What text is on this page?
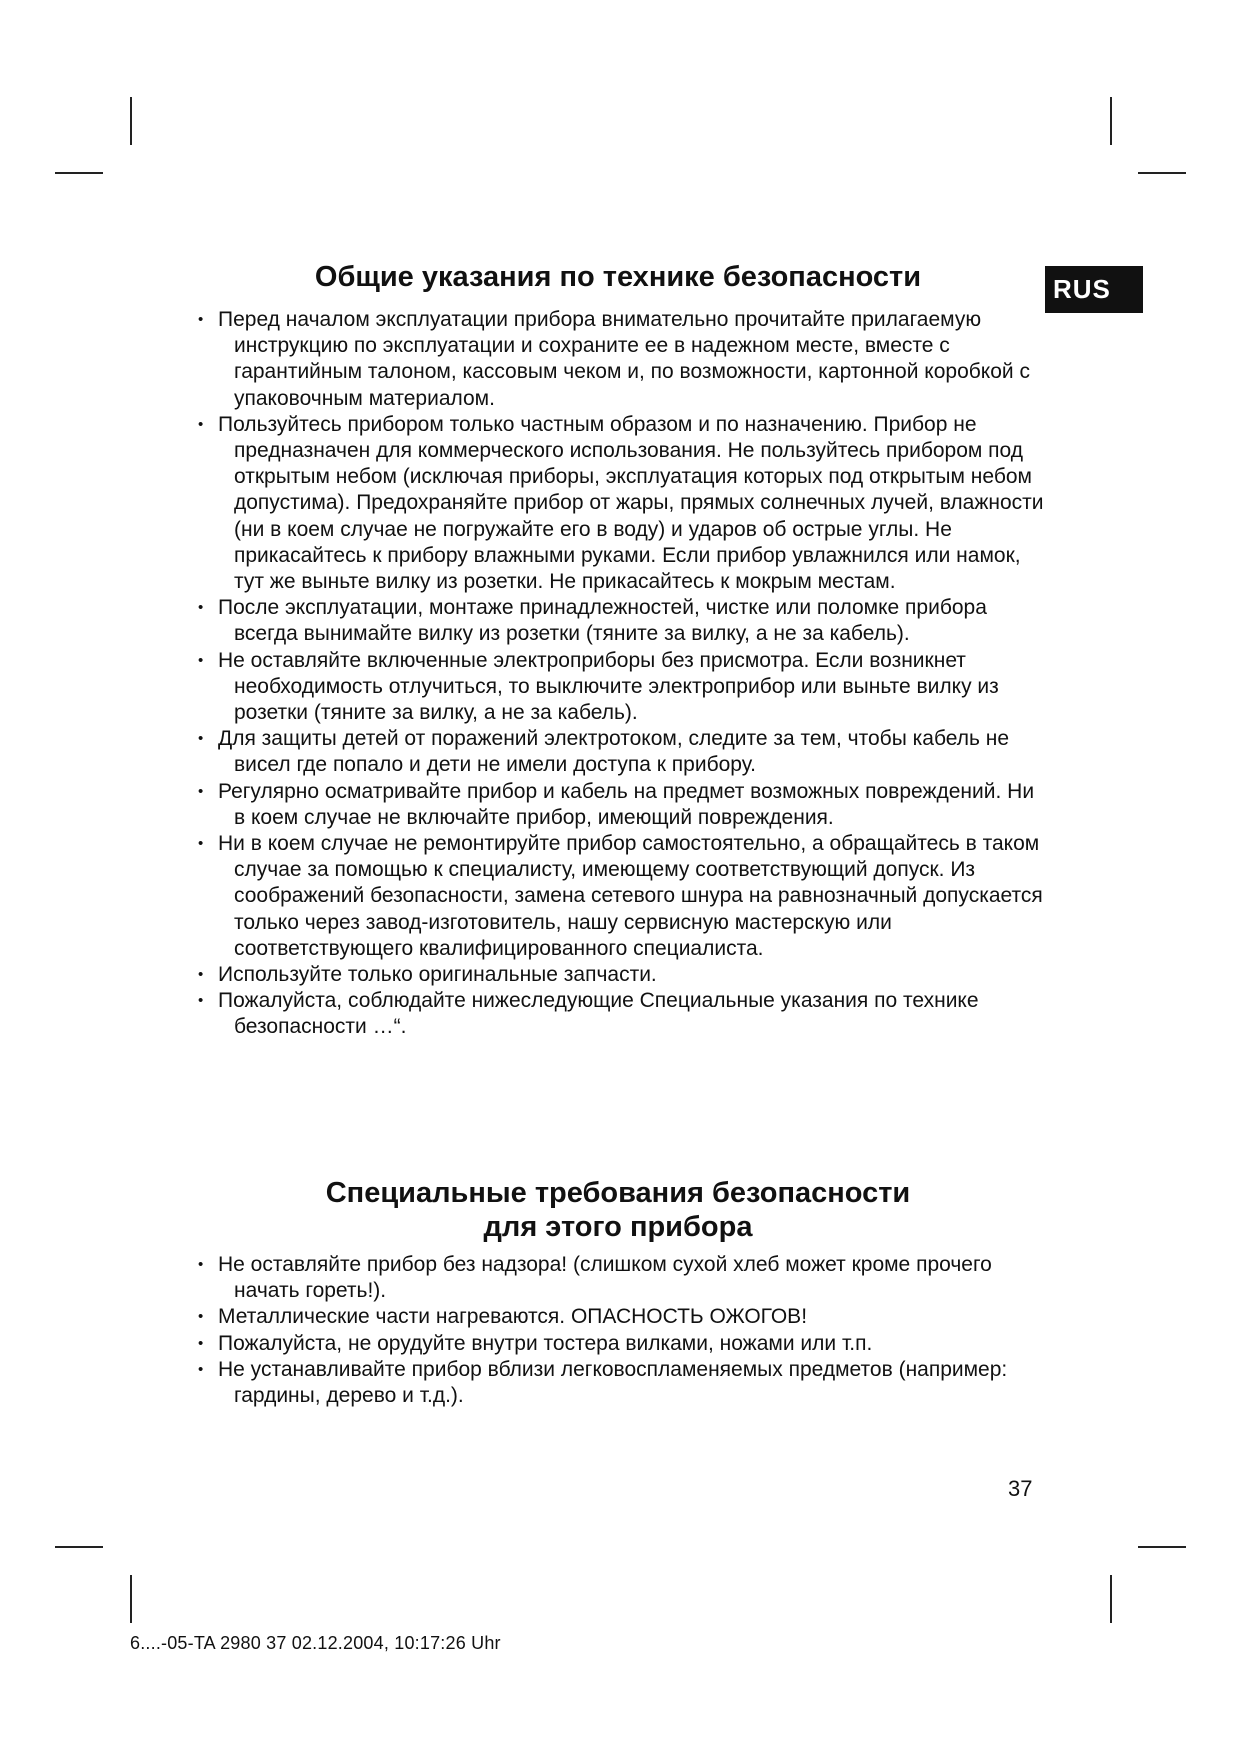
RUS
Общие указания по технике безопасности
• Перед началом эксплуатации прибора внимательно прочитайте прилагаемую инструкцию по эксплуатации и сохраните ее в надежном месте, вместе с гарантийным талоном, кассовым чеком и, по возможности, картонной коробкой с упаковочным материалом.
• Пользуйтесь прибором только частным образом и по назначению. Прибор не предназначен для коммерческого использования. Не пользуйтесь прибором под открытым небом (исключая приборы, эксплуатация которых под открытым небом допустима). Предохраняйте прибор от жары, прямых солнечных лучей, влажности (ни в коем случае не погружайте его в воду) и ударов об острые углы. Не прикасайтесь к прибору влажными руками. Если прибор увлажнился или намок, тут же выньте вилку из розетки. Не прикасайтесь к мокрым местам.
• После эксплуатации, монтаже принадлежностей, чистке или поломке прибора всегда вынимайте вилку из розетки (тяните за вилку, а не за кабель).
• Не оставляйте включенные электроприборы без присмотра. Если возникнет необходимость отлучиться, то выключите электроприбор или выньте вилку из розетки (тяните за вилку, а не за кабель).
• Для защиты детей от поражений электротоком, следите за тем, чтобы кабель не висел где попало и дети не имели доступа к прибору.
• Регулярно осматривайте прибор и кабель на предмет возможных повреждений. Ни в коем случае не включайте прибор, имеющий повреждения.
• Ни в коем случае не ремонтируйте прибор самостоятельно, а обращайтесь в таком случае за помощью к специалисту, имеющему соответствующий допуск. Из соображений безопасности, замена сетевого шнура на равнозначный допускается только через завод-изготовитель, нашу сервисную мастерскую или соответствующего квалифицированного специалиста.
• Используйте только оригинальные запчасти.
• Пожалуйста, соблюдайте нижеследующие Специальные указания по технике безопасности …“.
Специальные требования безопасности
для этого прибора
• Не оставляйте прибор без надзора! (слишком сухой хлеб может кроме прочего начать гореть!).
• Металлические части нагреваются. ОПАСНОСТЬ ОЖОГОВ!
• Пожалуйста, не орудуйте внутри тостера вилками, ножами или т.п.
• Не устанавливайте прибор вблизи легковоспламеняемых предметов (например: гардины, дерево и т.д.).
37
6....-05-TA 2980 37 02.12.2004, 10:17:26 Uhr
